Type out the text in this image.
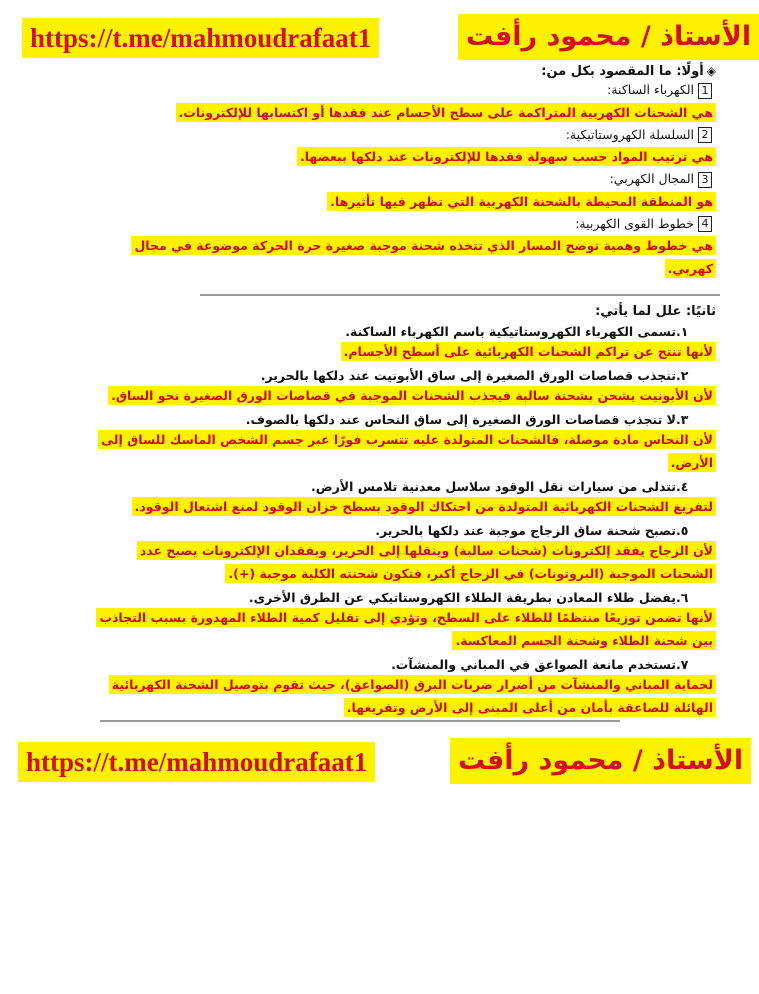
https://t.me/mahmoudrafaat1	الأستاذ / محمود رأفت
◈أولًا: ما المقصود بكل من:
1الكهرباء الساكنة:
هي الشحنات الكهربية المتراكمة على سطح الأجسام عند فقدها أو اكتسابها للإلكترونات.
2السلسلة الكهروستاتيكية:
هي ترتيب المواد حسب سهولة فقدها للإلكترونات عند دلكها ببعضها.
3المجال الكهربي:
هو المنطقة المحيطة بالشحنة الكهربية التي تظهر فيها تأثيرها.
4خطوط القوى الكهربية:
هي خطوط وهمية توضح المسار الذي تتخذه شحنة موجبة صغيرة حرة الحركة موضوعة في مجال كهربي.
ثانيًا: علل لما يأتي:
١.تسمى الكهرباء الكهروستاتيكية باسم الكهرباء الساكنة.
لأنها تنتج عن تراكم الشحنات الكهربائية على أسطح الأجسام.
٢.تنجذب قصاصات الورق الصغيرة إلى ساق الأبونيت عند دلكها بالحرير.
لأن الأبونيت يشحن بشحنة سالبة فيجذب الشحنات الموجبة في قصاصات الورق الصغيرة نحو الساق.
٣.لا تنجذب قصاصات الورق الصغيرة إلى ساق النحاس عند دلكها بالصوف.
لأن النحاس مادة موصلة، فالشحنات المتولدة عليه تتسرب فورًا عبر جسم الشخص الماسك للساق إلى الأرض.
٤.تتدلى من سيارات نقل الوقود سلاسل معدنية تلامس الأرض.
لتفريغ الشحنات الكهربائية المتولدة من احتكاك الوقود بسطح خزان الوقود لمنع اشتعال الوقود.
٥.تصبح شحنة ساق الزجاج موجبة عند دلكها بالحرير.
لأن الزجاج يفقد إلكترونات (شحنات سالبة) وينقلها إلى الحرير، وبفقدان الإلكترونات يصبح عدد الشحنات الموجبة (البروتونات) في الزجاج أكبر، فتكون شحنته الكلية موجبة (+).
٦.يفضل طلاء المعادن بطريقة الطلاء الكهروستاتيكي عن الطرق الأخرى.
لأنها تضمن توزيعًا منتظمًا للطلاء على السطح، وتؤدي إلى تقليل كمية الطلاء المهدورة بسبب التجاذب بين شحنة الطلاء وشحنة الجسم المعاكسة.
٧.تستخدم مانعة الصواعق في المباني والمنشآت.
لحماية المباني والمنشآت من أضرار ضربات البرق (الصواعق)، حيث تقوم بتوصيل الشحنة الكهربائية الهائلة للصاعقة بأمان من أعلى المبنى إلى الأرض وتفريغها.
https://t.me/mahmoudrafaat1	الأستاذ / محمود رأفت
